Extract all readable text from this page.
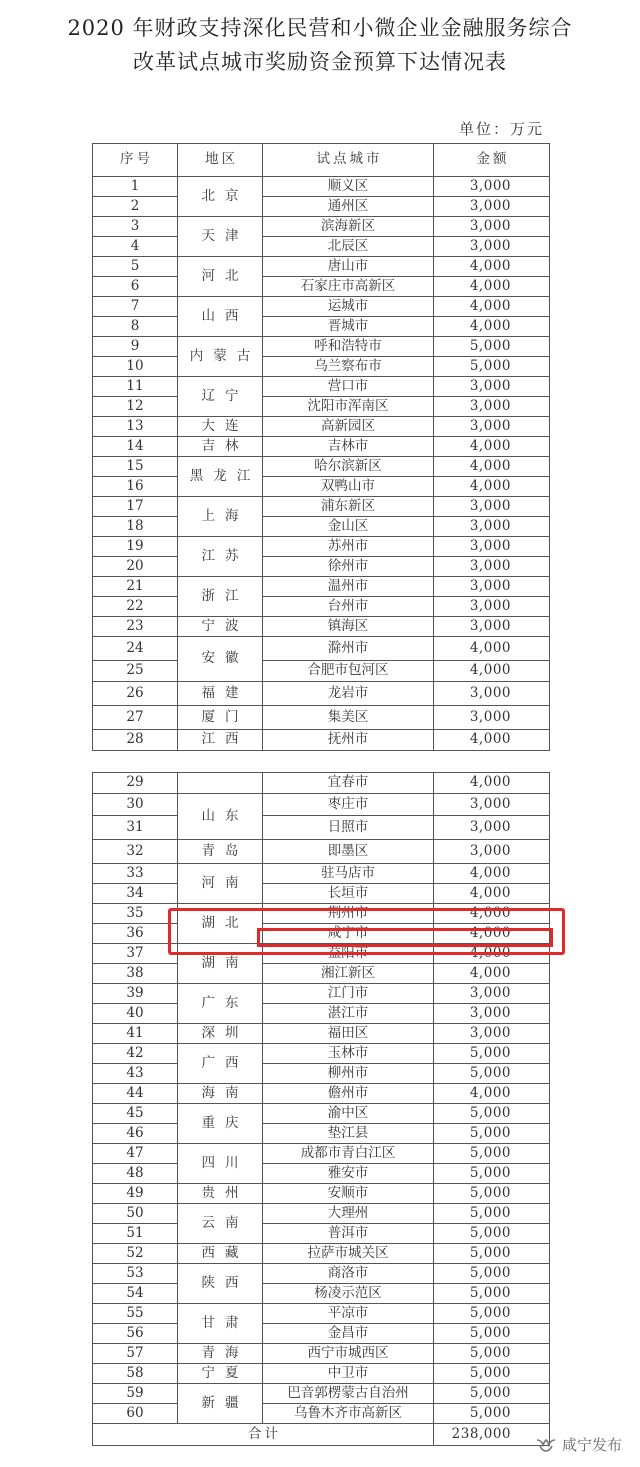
2020 年财政支持深化民营和小微企业金融服务综合
改革试点城市奖励资金预算下达情况表
单位：万元
序号	地区	试点城市	金额
1	北京	顺义区	3,000
2		通州区	3,000
3	天津	滨海新区	3,000
4		北辰区	3,000
5	河北	唐山市	4,000
6		石家庄市高新区	4,000
7	山西	运城市	4,000
8		晋城市	4,000
9	内蒙古	呼和浩特市	5,000
10		乌兰察布市	5,000
11	辽宁	营口市	3,000
12		沈阳市浑南区	3,000
13	大连	高新园区	3,000
14	吉林	吉林市	4,000
15	黑龙江	哈尔滨新区	4,000
16		双鸭山市	4,000
17	上海	浦东新区	3,000
18		金山区	3,000
19	江苏	苏州市	3,000
20		徐州市	3,000
21	浙江	温州市	3,000
22		台州市	3,000
23	宁波	镇海区	3,000
24	安徽	滁州市	4,000
25		合肥市包河区	4,000
26	福建	龙岩市	3,000
27	厦门	集美区	3,000
28	江西	抚州市	4,000
29		宜春市	4,000
30	山东	枣庄市	3,000
31		日照市	3,000
32	青岛	即墨区	3,000
33	河南	驻马店市	4,000
34		长垣市	4,000
35	湖北	荆州市	4,000
36		咸宁市	4,000
37	湖南	益阳市	4,000
38		湘江新区	4,000
39	广东	江门市	3,000
40		湛江市	3,000
41	深圳	福田区	3,000
42	广西	玉林市	5,000
43		柳州市	5,000
44	海南	儋州市	4,000
45	重庆	渝中区	5,000
46		垫江县	5,000
47	四川	成都市青白江区	5,000
48		雅安市	5,000
49	贵州	安顺市	5,000
50	云南	大理州	5,000
51		普洱市	5,000
52	西藏	拉萨市城关区	5,000
53	陕西	商洛市	5,000
54		杨凌示范区	5,000
55	甘肃	平凉市	5,000
56		金昌市	5,000
57	青海	西宁市城西区	5,000
58	宁夏	中卫市	5,000
59	新疆	巴音郭楞蒙古自治州	5,000
60		乌鲁木齐市高新区	5,000
合计			238,000
咸宁发布
